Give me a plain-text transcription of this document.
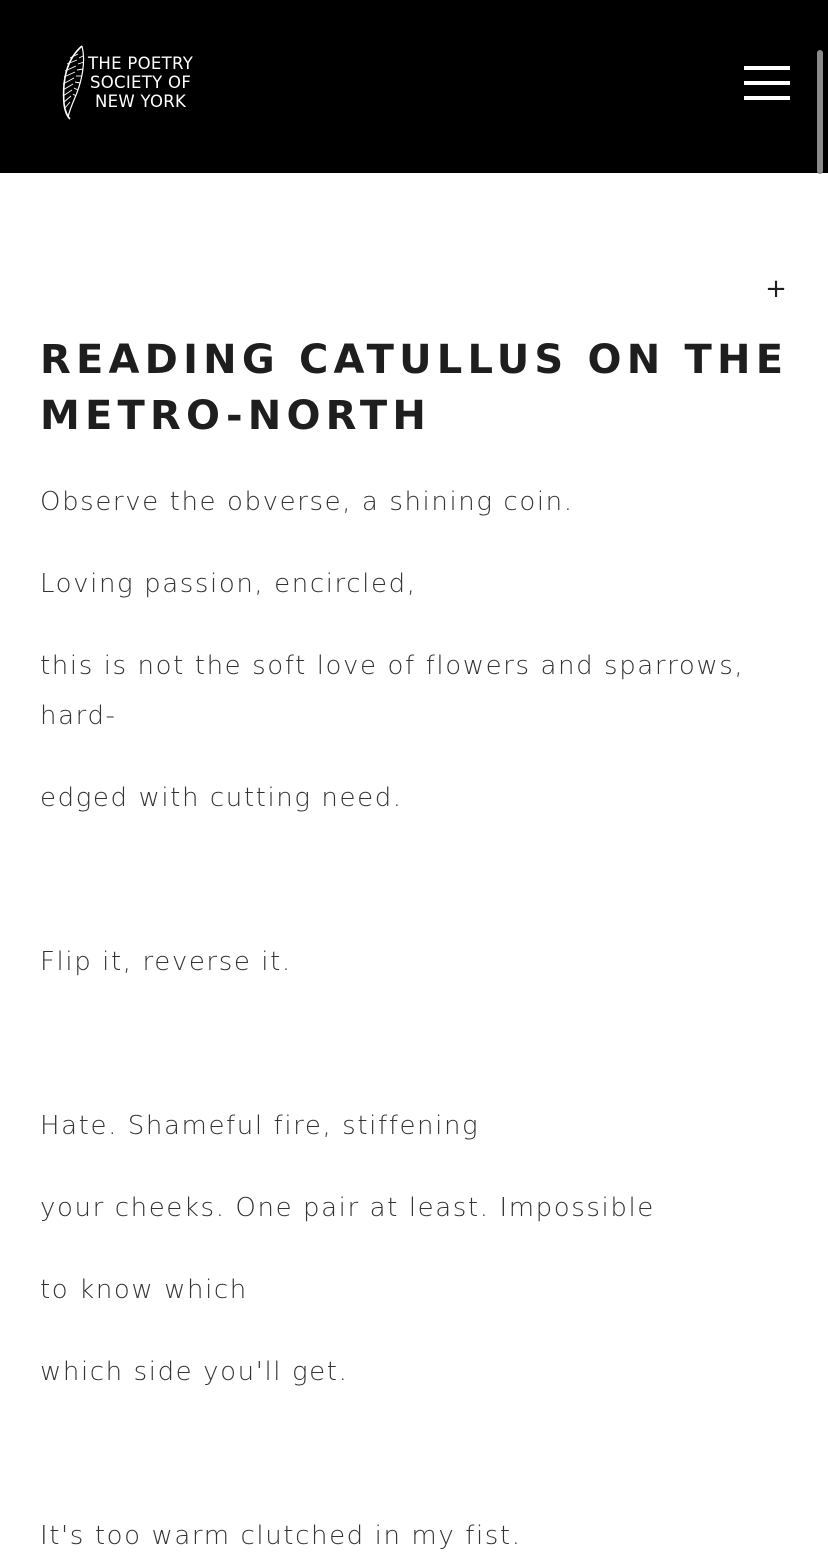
THE POETRY
SOCIETY OF
NEW YORK
+
READING CATULLUS ON THE METRO-NORTH
Observe the obverse, a shining coin.
Loving passion, encircled,
this is not the soft love of flowers and sparrows, hard-
edged with cutting need.
Flip it, reverse it.
Hate. Shameful fire, stiffening
your cheeks. One pair at least. Impossible
to know which
which side you'll get.
It's too warm clutched in my fist.
